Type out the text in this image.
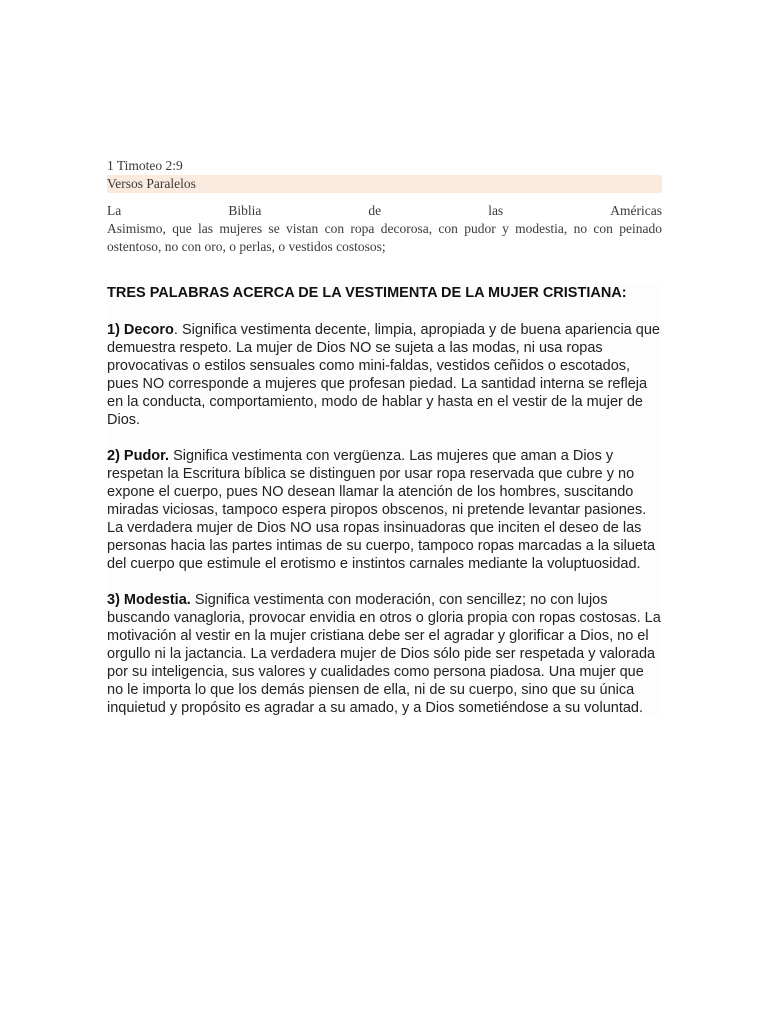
1 Timoteo 2:9
Versos Paralelos
La	Biblia	de	las	Américas
Asimismo, que las mujeres se vistan con ropa decorosa, con pudor y modestia, no con peinado ostentoso, no con oro, o perlas, o vestidos costosos;
TRES PALABRAS ACERCA DE LA VESTIMENTA DE LA MUJER CRISTIANA:

1) Decoro. Significa vestimenta decente, limpia, apropiada y de buena apariencia que demuestra respeto. La mujer de Dios NO se sujeta a las modas, ni usa ropas provocativas o estilos sensuales como mini-faldas, vestidos ceñidos o escotados, pues NO corresponde a mujeres que profesan piedad. La santidad interna se refleja en la conducta, comportamiento, modo de hablar y hasta en el vestir de la mujer de Dios.

2) Pudor. Significa vestimenta con vergüenza. Las mujeres que aman a Dios y respetan la Escritura bíblica se distinguen por usar ropa reservada que cubre y no expone el cuerpo, pues NO desean llamar la atención de los hombres, suscitando miradas viciosas, tampoco espera piropos obscenos, ni pretende levantar pasiones. La verdadera mujer de Dios NO usa ropas insinuadoras que inciten el deseo de las personas hacia las partes intimas de su cuerpo, tampoco ropas marcadas a la silueta del cuerpo que estimule el erotismo e instintos carnales mediante la voluptuosidad.

3) Modestia. Significa vestimenta con moderación, con sencillez; no con lujos buscando vanagloria, provocar envidia en otros o gloria propia con ropas costosas. La motivación al vestir en la mujer cristiana debe ser el agradar y glorificar a Dios, no el orgullo ni la jactancia. La verdadera mujer de Dios sólo pide ser respetada y valorada por su inteligencia, sus valores y cualidades como persona piadosa. Una mujer que no le importa lo que los demás piensen de ella, ni de su cuerpo, sino que su única inquietud y propósito es agradar a su amado, y a Dios sometiéndose a su voluntad.
